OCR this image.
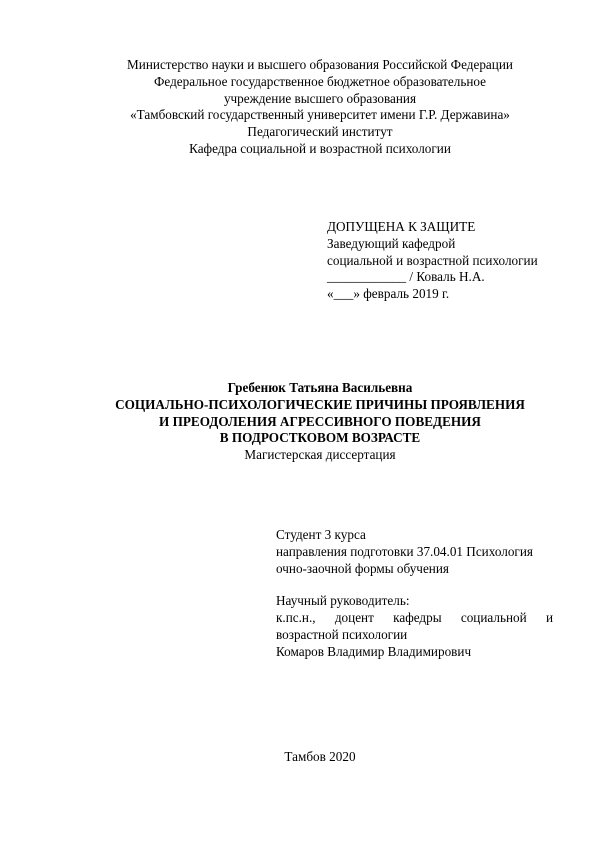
Министерство науки и высшего образования Российской Федерации
Федеральное государственное бюджетное образовательное
учреждение высшего образования
«Тамбовский государственный университет имени Г.Р. Державина»
Педагогический институт
Кафедра социальной и возрастной психологии
ДОПУЩЕНА К ЗАЩИТЕ
Заведующий кафедрой
социальной и возрастной психологии
____________ / Коваль Н.А.
«___» февраль 2019 г.
Гребенюк Татьяна Васильевна
СОЦИАЛЬНО-ПСИХОЛОГИЧЕСКИЕ ПРИЧИНЫ ПРОЯВЛЕНИЯ
И ПРЕОДОЛЕНИЯ АГРЕССИВНОГО ПОВЕДЕНИЯ
В ПОДРОСТКОВОМ ВОЗРАСТЕ
Магистерская диссертация
Студент 3 курса
направления подготовки 37.04.01 Психология
очно-заочной формы обучения
Научный руководитель:
к.пс.н., доцент кафедры социальной и
возрастной психологии
Комаров Владимир Владимирович
Тамбов 2020
